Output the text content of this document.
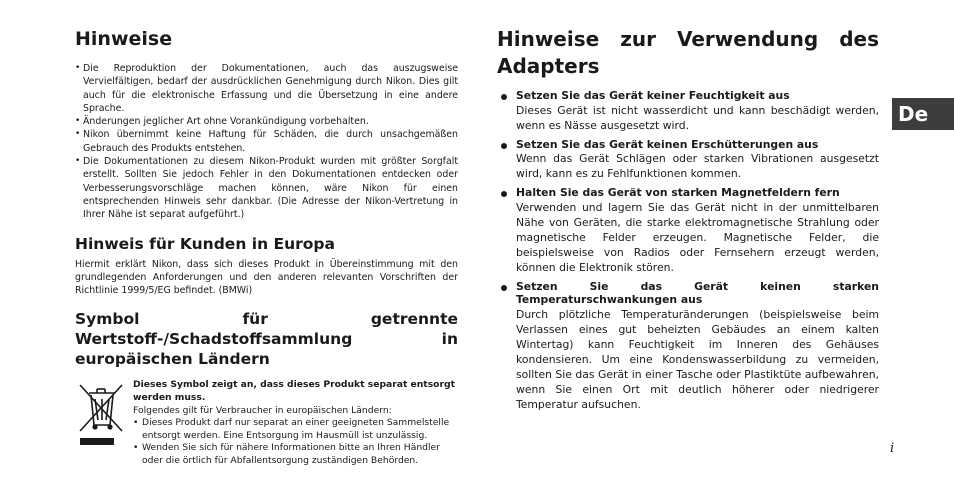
Hinweise
• Die Reproduktion der Dokumentationen, auch das auszugsweise Vervielfältigen, bedarf der ausdrücklichen Genehmigung durch Nikon. Dies gilt auch für die elektronische Erfassung und die Übersetzung in eine andere Sprache.
• Änderungen jeglicher Art ohne Vorankündigung vorbehalten.
• Nikon übernimmt keine Haftung für Schäden, die durch unsachgemäßen Gebrauch des Produkts entstehen.
• Die Dokumentationen zu diesem Nikon-Produkt wurden mit größter Sorgfalt erstellt. Sollten Sie jedoch Fehler in den Dokumentationen entdecken oder Verbesserungsvorschläge machen können, wäre Nikon für einen entsprechenden Hinweis sehr dankbar. (Die Adresse der Nikon-Vertretung in Ihrer Nähe ist separat aufgeführt.)
Hinweis für Kunden in Europa

Hiermit erklärt Nikon, dass sich dieses Produkt in Übereinstimmung mit den grundlegenden Anforderungen und den anderen relevanten Vorschriften der Richtlinie 1999/5/EG befindet. (BMWi)

Symbol für getrennte Wertstoff-/Schadstoffsammlung in europäischen Ländern
Dieses Symbol zeigt an, dass dieses Produkt separat entsorgt werden muss.
Folgendes gilt für Verbraucher in europäischen Ländern:
• Dieses Produkt darf nur separat an einer geeigneten Sammelstelle entsorgt werden. Eine Entsorgung im Hausmüll ist unzulässig.
• Wenden Sie sich für nähere Informationen bitte an Ihren Händler oder die örtlich für Abfallentsorgung zuständigen Behörden.
Hinweise zur Verwendung des Adapters
Setzen Sie das Gerät keiner Feuchtigkeit aus
Dieses Gerät ist nicht wasserdicht und kann beschädigt werden, wenn es Nässe ausgesetzt wird.
Setzen Sie das Gerät keinen Erschütterungen aus
Wenn das Gerät Schlägen oder starken Vibrationen ausgesetzt wird, kann es zu Fehlfunktionen kommen.
Halten Sie das Gerät von starken Magnetfeldern fern
Verwenden und lagern Sie das Gerät nicht in der unmittelbaren Nähe von Geräten, die starke elektromagnetische Strahlung oder magnetische Felder erzeugen. Magnetische Felder, die beispielsweise von Radios oder Fernsehern erzeugt werden, können die Elektronik stören.
Setzen Sie das Gerät keinen starken Temperaturschwankungen aus
Durch plötzliche Temperaturänderungen (beispielsweise beim Verlassen eines gut beheizten Gebäudes an einem kalten Wintertag) kann Feuchtigkeit im Inneren des Gehäuses kondensieren. Um eine Kondenswasserbildung zu vermeiden, sollten Sie das Gerät in einer Tasche oder Plastiktüte aufbewahren, wenn Sie einen Ort mit deutlich höherer oder niedrigerer Temperatur aufsuchen.
De
i
